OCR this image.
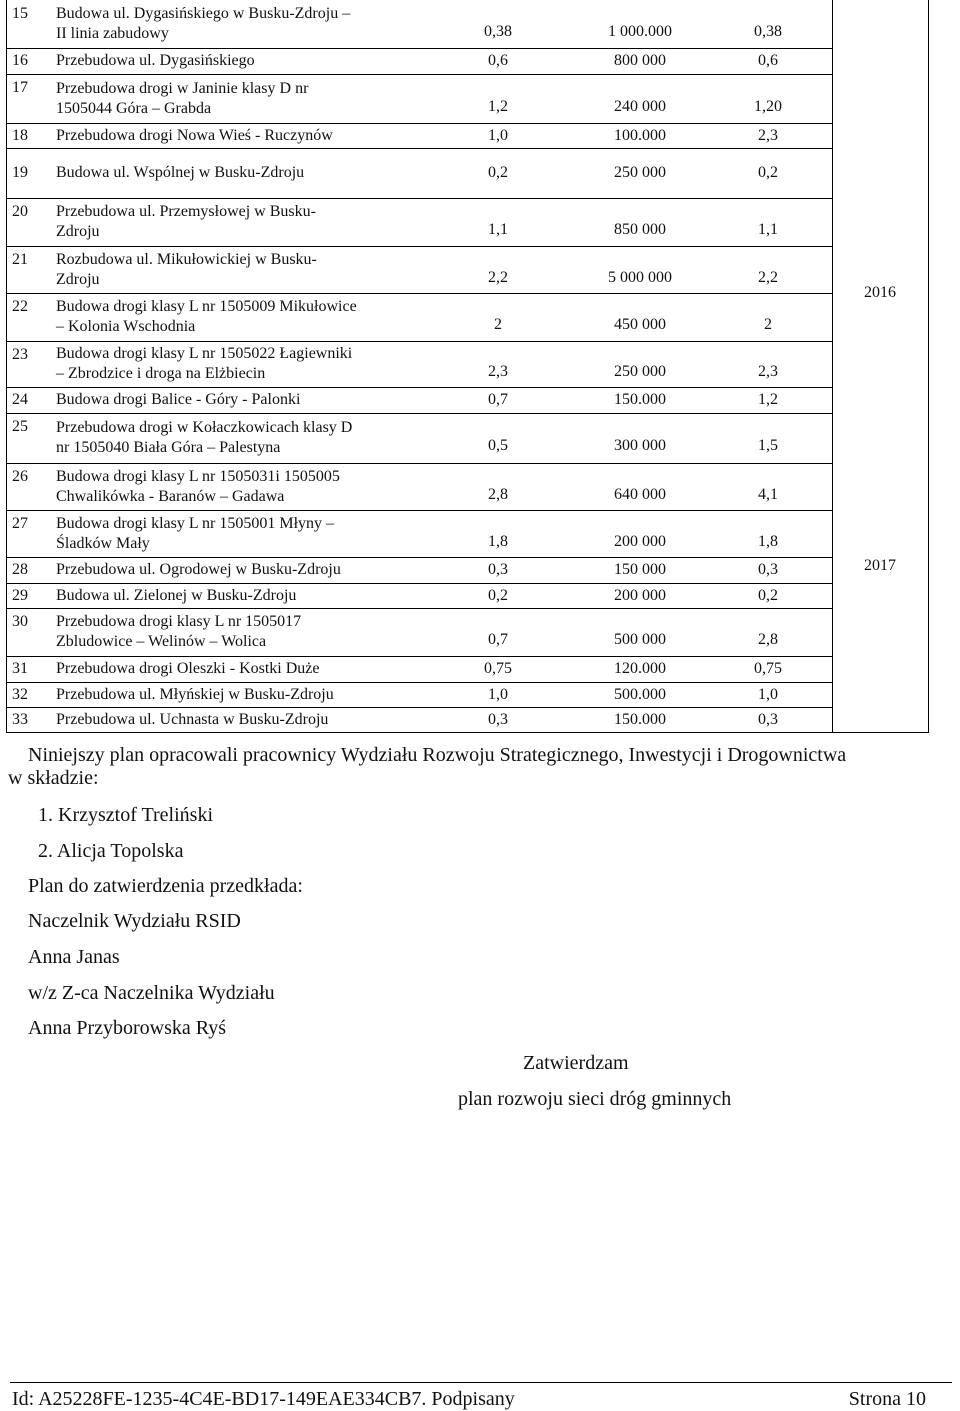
15 Budowa ul. Dygasińskiego w Busku-Zdroju –
II linia zabudowy	0,38	1 000.000	0,38
16 Przebudowa ul. Dygasińskiego	0,6	800 000	0,6
17 Przebudowa drogi w Janinie klasy D nr
1505044 Góra – Grabda	1,2	240 000	1,20
18 Przebudowa drogi Nowa Wieś - Ruczynów	1,0	100.000	2,3
19 Budowa ul. Wspólnej w Busku-Zdroju	0,2	250 000	0,2
20 Przebudowa ul. Przemysłowej w Busku-
Zdroju	1,1	850 000	1,1
21 Rozbudowa ul. Mikułowickiej w Busku-
Zdroju	2,2	5 000 000	2,2
22 Budowa drogi klasy L nr 1505009 Mikułowice
– Kolonia Wschodnia	2	450 000	2
23 Budowa drogi klasy L nr 1505022 Łagiewniki
– Zbrodzice i droga na Elżbiecin	2,3	250 000	2,3
24 Budowa drogi Balice - Góry - Palonki	0,7	150.000	1,2
25 Przebudowa drogi w Kołaczkowicach klasy D
nr 1505040 Biała Góra – Palestyna	0,5	300 000	1,5
26 Budowa drogi klasy L nr 1505031i 1505005
Chwalikówka - Baranów – Gadawa	2,8	640 000	4,1
27 Budowa drogi klasy L nr 1505001 Młyny –
Śladków Mały	1,8	200 000	1,8
28 Przebudowa ul. Ogrodowej w Busku-Zdroju	0,3	150 000	0,3
29 Budowa ul. Zielonej w Busku-Zdroju	0,2	200 000	0,2
30 Przebudowa drogi klasy L nr 1505017
Zbludowice – Welinów – Wolica	0,7	500 000	2,8
31 Przebudowa drogi Oleszki - Kostki Duże	0,75	120.000	0,75
32 Przebudowa ul. Młyńskiej w Busku-Zdroju	1,0	500.000	1,0
33 Przebudowa ul. Uchnasta w Busku-Zdroju	0,3	150.000	0,3
2016
2017
Niniejszy plan opracowali pracownicy Wydziału Rozwoju Strategicznego, Inwestycji i Drogownictwa
w składzie:
1. Krzysztof Treliński
2. Alicja Topolska
Plan do zatwierdzenia przedkłada:
Naczelnik Wydziału RSID
Anna Janas
w/z Z-ca Naczelnika Wydziału
Anna Przyborowska Ryś
Zatwierdzam
plan rozwoju sieci dróg gminnych
Id: A25228FE-1235-4C4E-BD17-149EAE334CB7. Podpisany	Strona 10
